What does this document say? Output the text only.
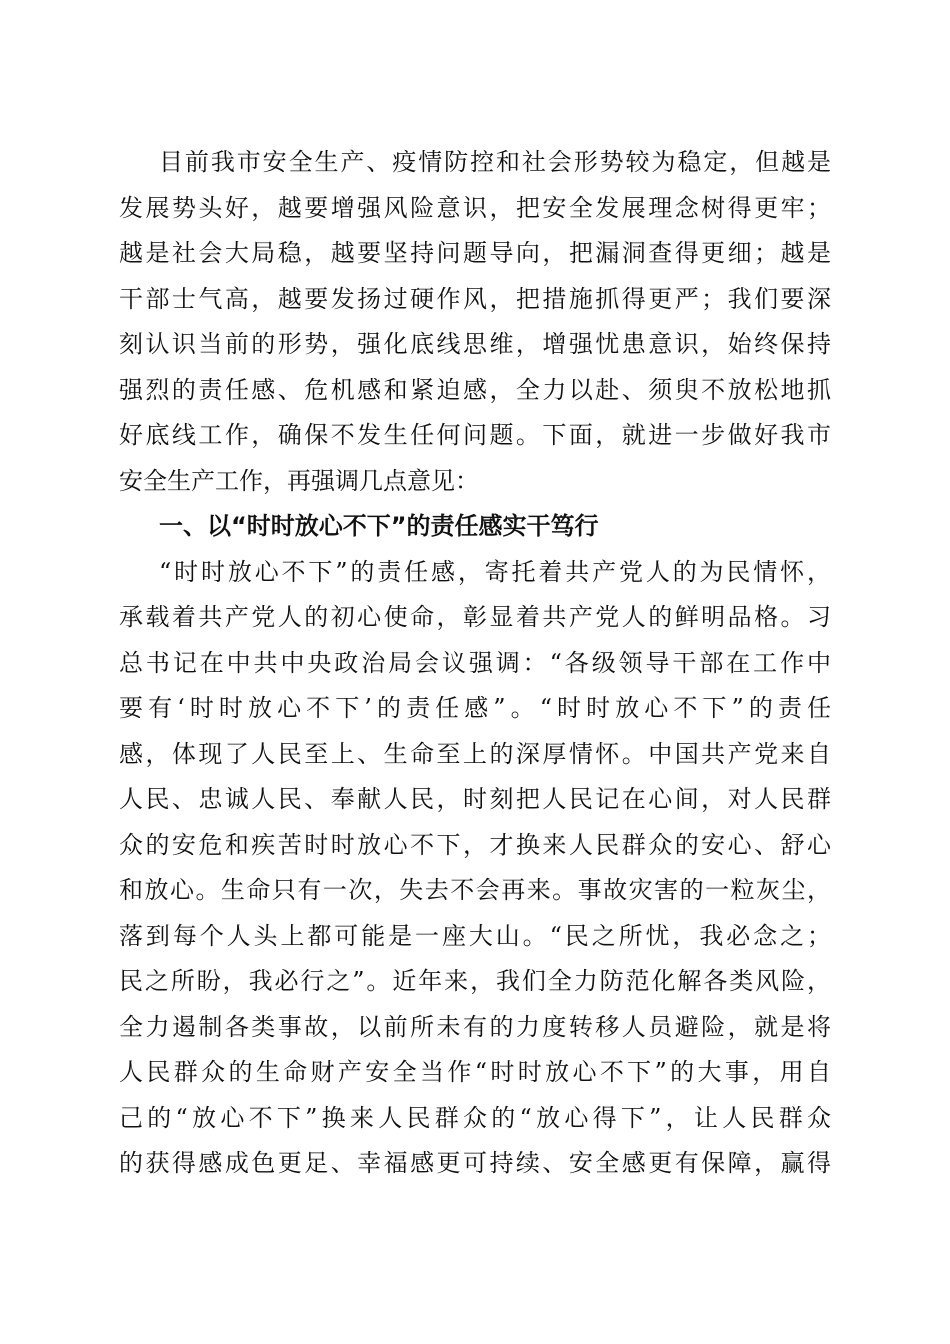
目前我市安全生产、疫情防控和社会形势较为稳定，但越是
发展势头好，越要增强风险意识，把安全发展理念树得更牢；
越是社会大局稳，越要坚持问题导向，把漏洞查得更细；越是
干部士气高，越要发扬过硬作风，把措施抓得更严；我们要深
刻认识当前的形势，强化底线思维，增强忧患意识，始终保持
强烈的责任感、危机感和紧迫感，全力以赴、须臾不放松地抓
好底线工作，确保不发生任何问题。下面，就进一步做好我市
安全生产工作，再强调几点意见：
一、以“时时放心不下”的责任感实干笃行
“时时放心不下”的责任感，寄托着共产党人的为民情怀，
承载着共产党人的初心使命，彰显着共产党人的鲜明品格。习
总书记在中共中央政治局会议强调：“各级领导干部在工作中
要有‘时时放心不下’的责任感”。“时时放心不下”的责任
感，体现了人民至上、生命至上的深厚情怀。中国共产党来自
人民、忠诚人民、奉献人民，时刻把人民记在心间，对人民群
众的安危和疾苦时时放心不下，才换来人民群众的安心、舒心
和放心。生命只有一次，失去不会再来。事故灾害的一粒灰尘，
落到每个人头上都可能是一座大山。“民之所忧，我必念之；
民之所盼，我必行之”。近年来，我们全力防范化解各类风险，
全力遏制各类事故，以前所未有的力度转移人员避险，就是将
人民群众的生命财产安全当作“时时放心不下”的大事，用自
己的“放心不下”换来人民群众的“放心得下”，让人民群众
的获得感成色更足、幸福感更可持续、安全感更有保障，赢得
